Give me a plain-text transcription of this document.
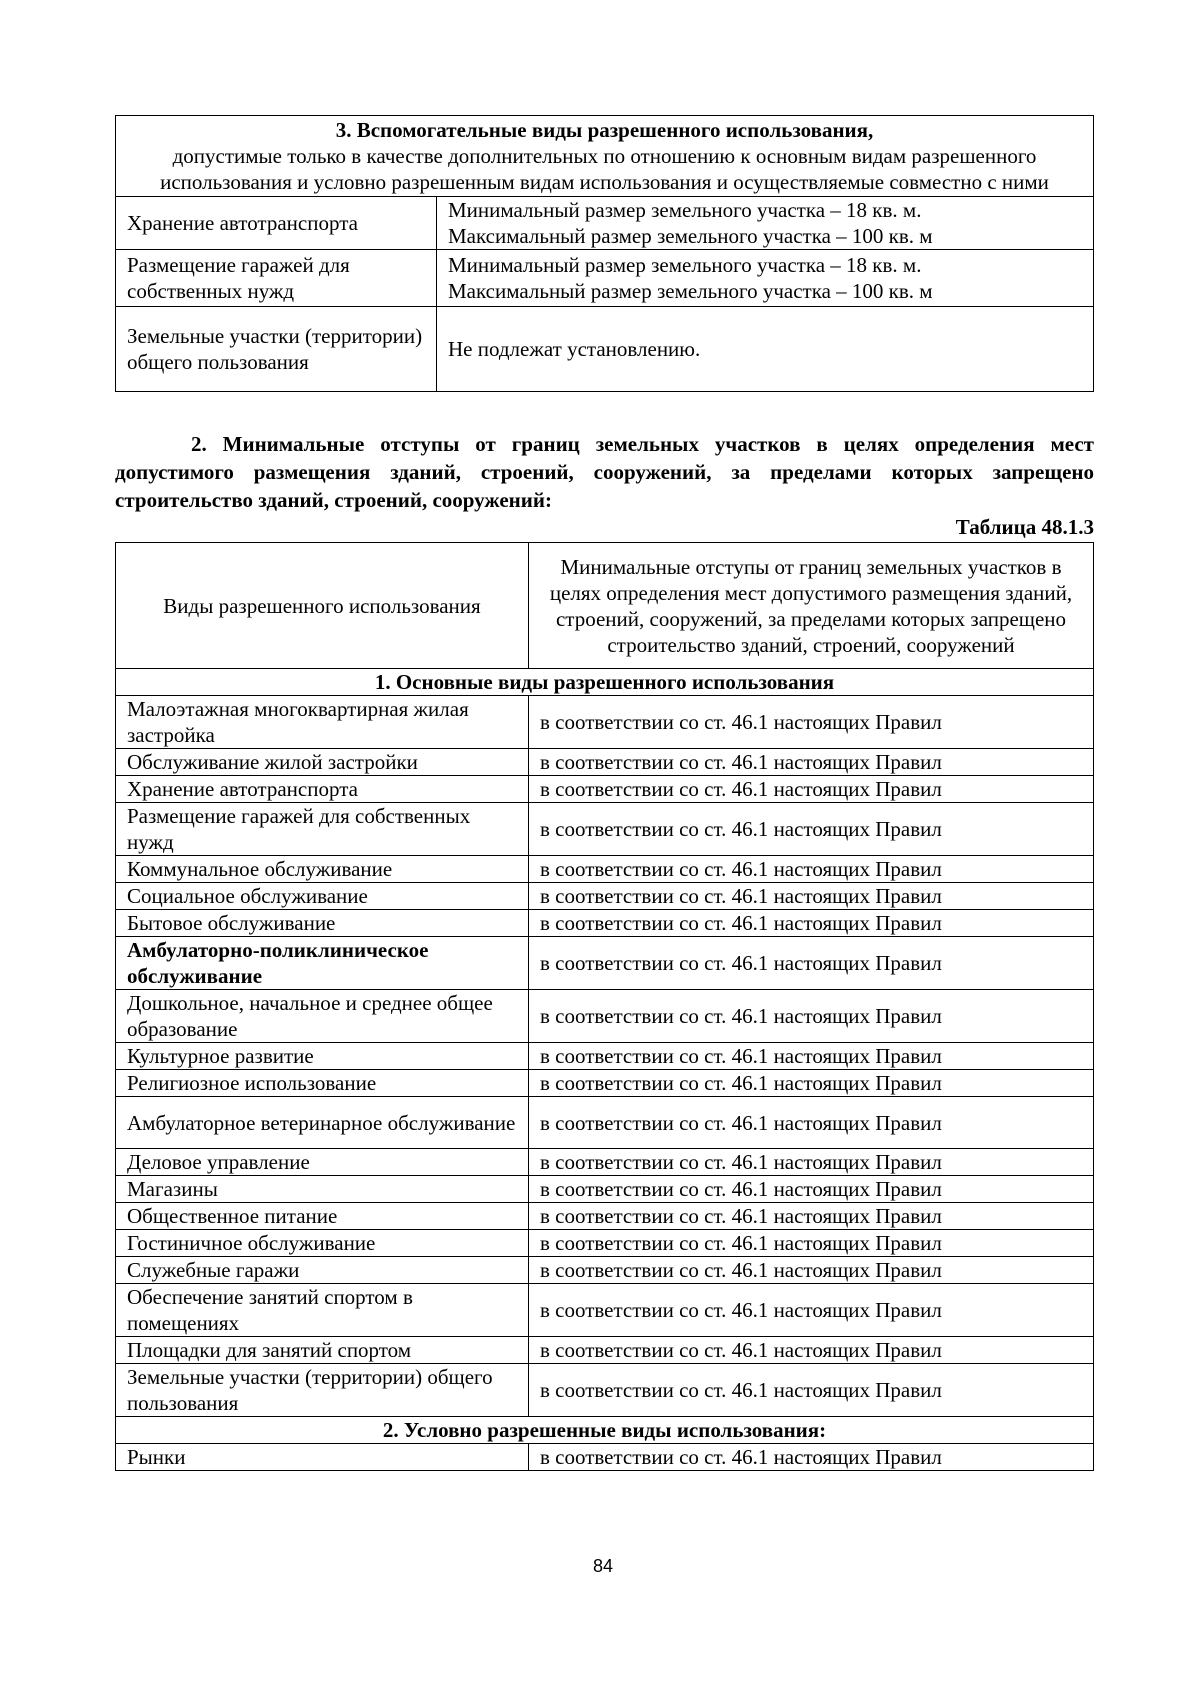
3. Вспомогательные виды разрешенного использования,
допустимые только в качестве дополнительных по отношению к основным видам разрешенного использования и условно разрешенным видам использования и осуществляемые совместно с ними	

Хранение автотранспорта	Минимальный размер земельного участка – 18 кв. м.
Максимальный размер земельного участка – 100 кв. м

Размещение гаражей для собственных нужд	Минимальный размер земельного участка – 18 кв. м.
Максимальный размер земельного участка – 100 кв. м

Земельные участки (территории) общего пользования	Не подлежат установлению.

2. Минимальные отступы от границ земельных участков в целях определения мест допустимого размещения зданий, строений, сооружений, за пределами которых запрещено строительство зданий, строений, сооружений:

Таблица 48.1.3
Виды разрешенного использования	Минимальные отступы от границ земельных участков в целях определения мест допустимого размещения зданий, строений, сооружений, за пределами которых запрещено строительство зданий, строений, сооружений
1. Основные виды разрешенного использования	
Малоэтажная многоквартирная жилая застройка	в соответствии со ст. 46.1 настоящих Правил
Обслуживание жилой застройки	в соответствии со ст. 46.1 настоящих Правил
Хранение автотранспорта	в соответствии со ст. 46.1 настоящих Правил
Размещение гаражей для собственных нужд	в соответствии со ст. 46.1 настоящих Правил
Коммунальное обслуживание	в соответствии со ст. 46.1 настоящих Правил
Социальное обслуживание	в соответствии со ст. 46.1 настоящих Правил
Бытовое обслуживание	в соответствии со ст. 46.1 настоящих Правил
Амбулаторно-поликлиническое обслуживание	в соответствии со ст. 46.1 настоящих Правил
Дошкольное, начальное и среднее общее образование	в соответствии со ст. 46.1 настоящих Правил
Культурное развитие	в соответствии со ст. 46.1 настоящих Правил
Религиозное использование	в соответствии со ст. 46.1 настоящих Правил
Амбулаторное ветеринарное обслуживание	в соответствии со ст. 46.1 настоящих Правил
Деловое управление	в соответствии со ст. 46.1 настоящих Правил
Магазины	в соответствии со ст. 46.1 настоящих Правил
Общественное питание	в соответствии со ст. 46.1 настоящих Правил
Гостиничное обслуживание	в соответствии со ст. 46.1 настоящих Правил
Служебные гаражи	в соответствии со ст. 46.1 настоящих Правил
Обеспечение занятий спортом в помещениях	в соответствии со ст. 46.1 настоящих Правил
Площадки для занятий спортом	в соответствии со ст. 46.1 настоящих Правил
Земельные участки (территории) общего пользования	в соответствии со ст. 46.1 настоящих Правил
2. Условно разрешенные виды использования:	
Рынки	в соответствии со ст. 46.1 настоящих Правил
84
